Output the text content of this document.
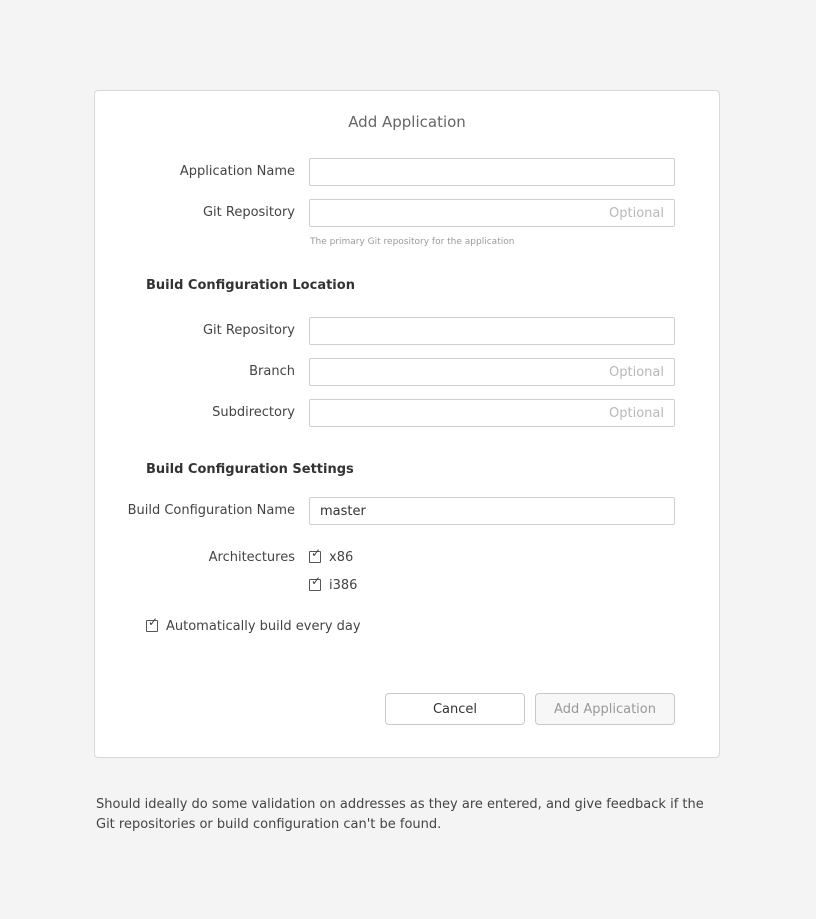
Add Application
Application Name
Git Repository
Optional
The primary Git repository for the application
Build Configuration Location
Git Repository
Branch
Optional
Subdirectory
Optional
Build Configuration Settings
Build Configuration Name
master
Architectures ✓ x86
✓ i386
✓ Automatically build every day
Cancel	Add Application
Should ideally do some validation on addresses as they are entered, and give feedback if the Git repositories or build configuration can't be found.
